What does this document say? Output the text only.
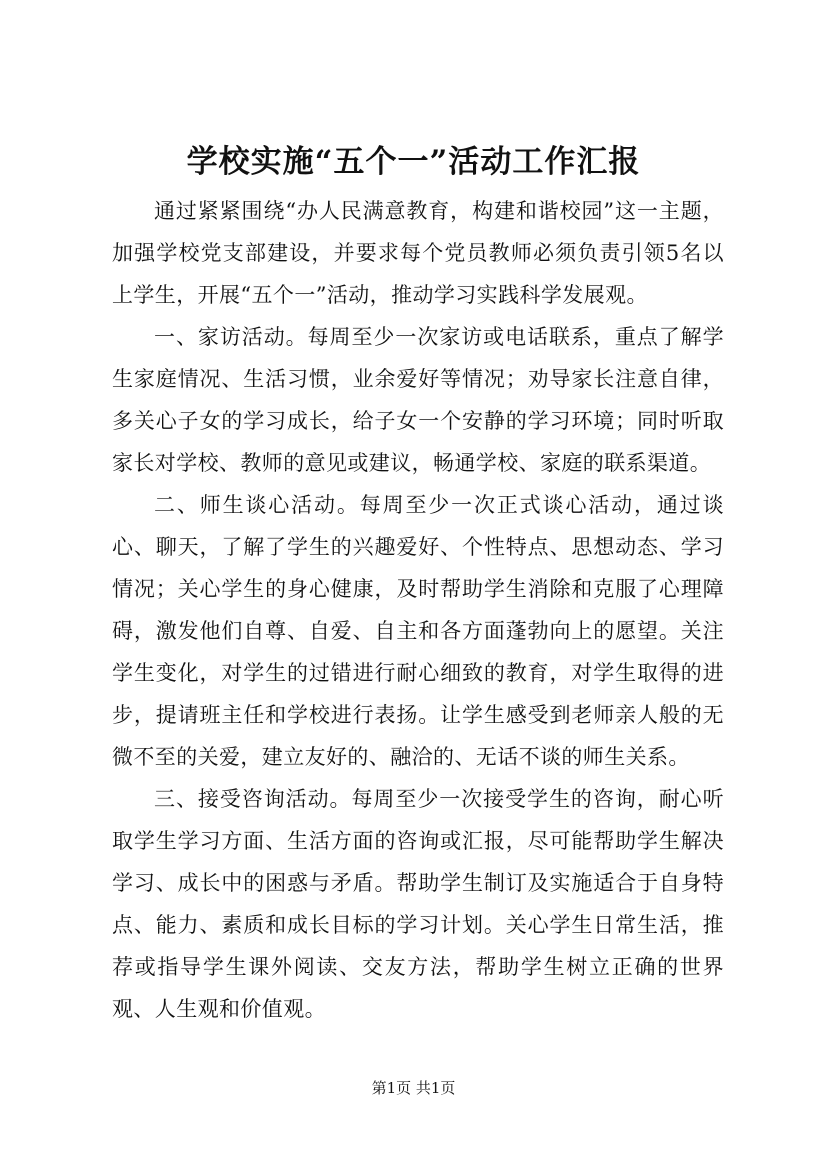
学校实施“五个一”活动工作汇报

通过紧紧围绕“办人民满意教育，构建和谐校园”这一主题，加强学校党支部建设，并要求每个党员教师必须负责引领5名以上学生，开展“五个一”活动，推动学习实践科学发展观。

一、家访活动。每周至少一次家访或电话联系，重点了解学生家庭情况、生活习惯，业余爱好等情况；劝导家长注意自律，多关心子女的学习成长，给子女一个安静的学习环境；同时听取家长对学校、教师的意见或建议，畅通学校、家庭的联系渠道。

二、师生谈心活动。每周至少一次正式谈心活动，通过谈心、聊天，了解了学生的兴趣爱好、个性特点、思想动态、学习情况；关心学生的身心健康，及时帮助学生消除和克服了心理障碍，激发他们自尊、自爱、自主和各方面蓬勃向上的愿望。关注学生变化，对学生的过错进行耐心细致的教育，对学生取得的进步，提请班主任和学校进行表扬。让学生感受到老师亲人般的无微不至的关爱，建立友好的、融洽的、无话不谈的师生关系。

三、接受咨询活动。每周至少一次接受学生的咨询，耐心听取学生学习方面、生活方面的咨询或汇报，尽可能帮助学生解决学习、成长中的困惑与矛盾。帮助学生制订及实施适合于自身特点、能力、素质和成长目标的学习计划。关心学生日常生活，推荐或指导学生课外阅读、交友方法，帮助学生树立正确的世界观、人生观和价值观。

第1页 共1页
